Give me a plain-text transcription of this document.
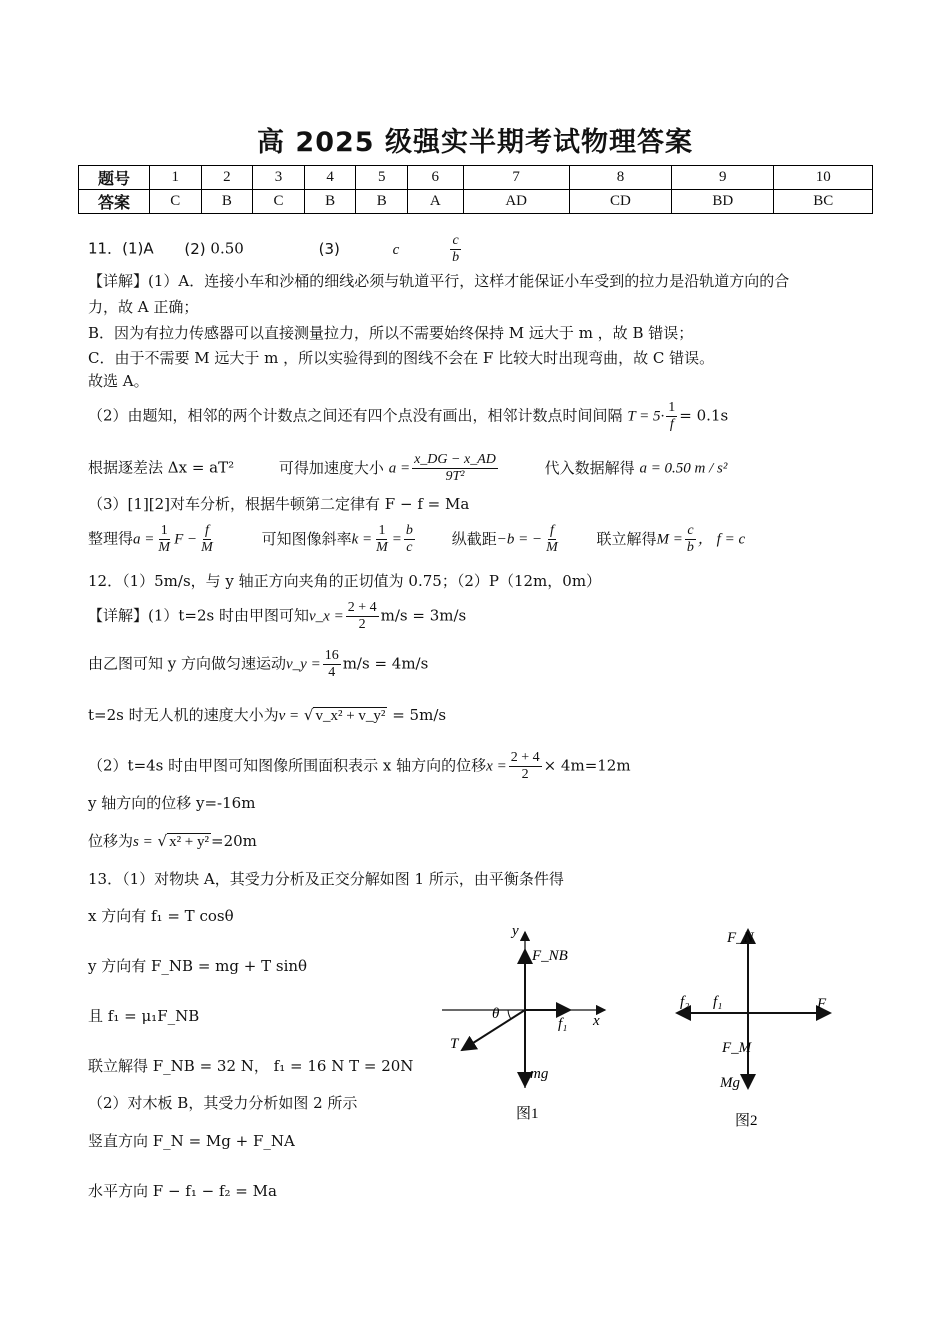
高 2025 级强实半期考试物理答案
题号	1	2	3	4	5	6	7	8	9	10
答案	C	B	C	B	B	A	AD	CD	BD	BC
11．(1)A (2) 0.50	(3)	c	$\frac{c}{b}$
【详解】(1）A．连接小车和沙桶的细线必须与轨道平行，这样才能保证小车受到的拉力是沿轨道方向的合
力，故 A 正确；
B．因为有拉力传感器可以直接测量拉力，所以不需要始终保持 M 远大于 m ，故 B 错误；
C．由于不需要 M 远大于 m ，所以实验得到的图线不会在 F 比较大时出现弯曲，故 C 错误。
故选 A。
（2）由题知，相邻的两个计数点之间还有四个点没有画出，相邻计数点时间间隔 $T = 5\cdot \frac{1}{f} = 0.1s$
根据逐差法 Δx = aT²	可得加速度大小 $a = \frac{x\_DG - x\_AD}{\text{9T²}}$	代入数据解得 a = 0.50 m / s²
（3）[1][2]对车分析，根据牛顿第二定律有 F − f = Ma
整理得$a = \frac{1}{M}$ $F - \frac{f}{M}$	可知图像斜率$k = \frac{1}{M} = \frac{b}{c}$ 纵截距−b = − $\frac{f}{M}$ 联立解得$M = \frac{c}{b}$ ， f = c
12．（1）5m/s，与 y 轴正方向夹角的正切值为 0.75；（2）P（12m，0m）
【详解】(1）t=2s 时由甲图可知v_x = $\frac{2 + 4}{2} m/s = 3m/s$
由乙图可知 y 方向做匀速运动v_y = $\frac{16}{4} m/s = 4m/s$
t=2s 时无人机的速度大小为v = √ v_x² + v_y² = 5m/s
（2）t=4s 时由甲图可知图像所围面积表示 x 轴方向的位移$x = \frac{2 + 4}{2} \times 4m=12m$
y 轴方向的位移 y=-16m
位移为s = √ x² + y² =20m
13．（1）对物块 A，其受力分析及正交分解如图 1 所示，由平衡条件得
x 方向有 f₁ = T cosθ
y 方向有 F_NB = mg + T sinθ
且 f₁ = μ₁F_NB
联立解得 F_NB = 32 N， f₁ = 16 N T = 20N
（2）对木板 B，其受力分析如图 2 所示
竖直方向 F_N = Mg + F_NA
水平方向 F − f₁ − f₂ = Ma
y
x
F_NB
θ
f₁
T
mg
图1
F_N
f₂ f₁	F
F_M
Mg
图2
